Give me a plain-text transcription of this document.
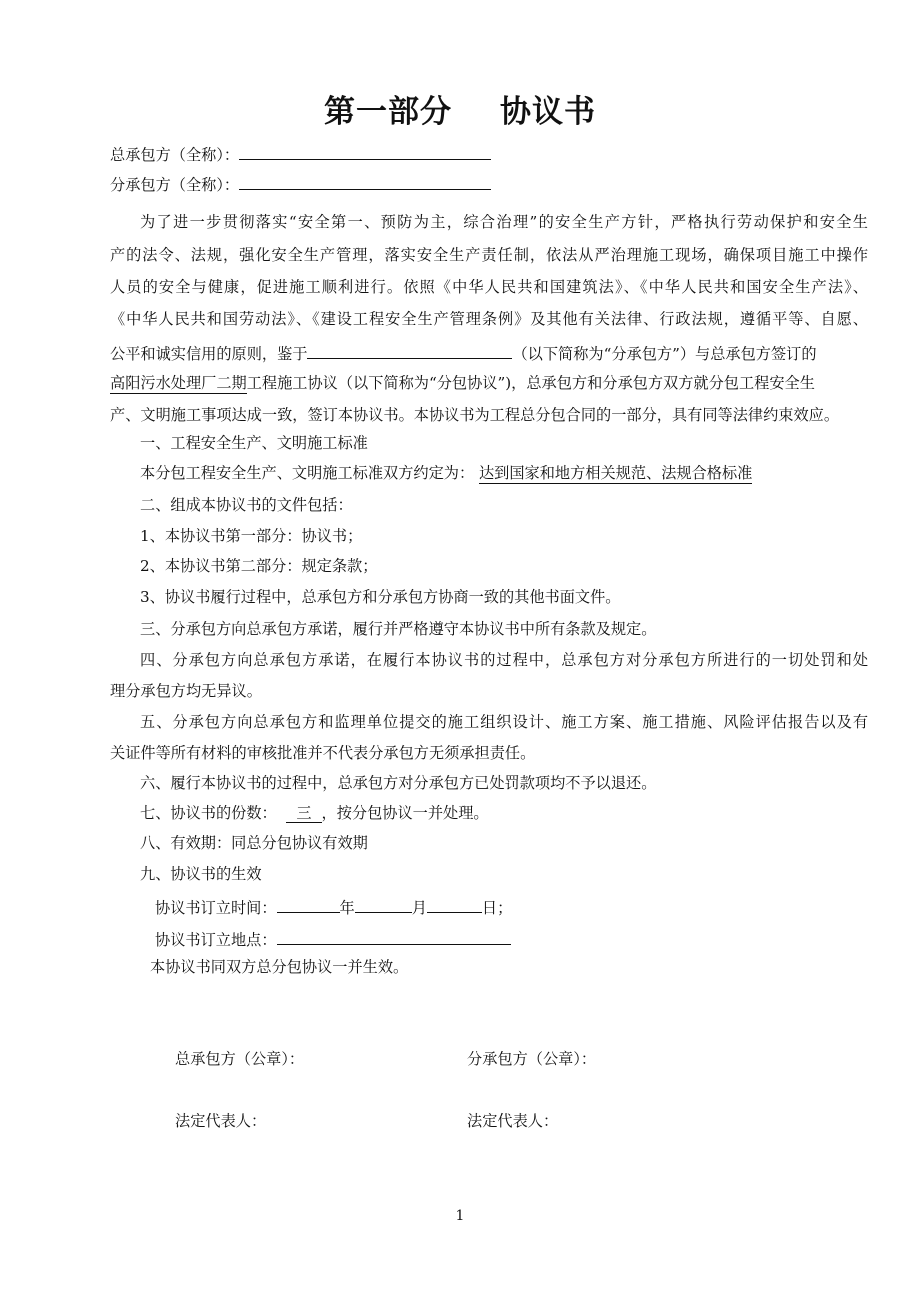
第一部分 协议书
总承包方（全称）：
分承包方（全称）：
为了进一步贯彻落实“安全第一、预防为主，综合治理”的安全生产方针，严格执行劳动保护和安全生
产的法令、法规，强化安全生产管理，落实安全生产责任制，依法从严治理施工现场，确保项目施工中操作
人员的安全与健康，促进施工顺利进行。依照《中华人民共和国建筑法》、《中华人民共和国安全生产法》、
《中华人民共和国劳动法》、《建设工程安全生产管理条例》及其他有关法律、行政法规，遵循平等、自愿、
公平和诚实信用的原则，鉴于	（以下简称为“分承包方”）与总承包方签订的
高阳污水处理厂二期工程施工协议（以下简称为“分包协议”)，总承包方和分承包方双方就分包工程安全生
产、文明施工事项达成一致，签订本协议书。本协议书为工程总分包合同的一部分，具有同等法律约束效应。
一、工程安全生产、文明施工标准
本分包工程安全生产、文明施工标准双方约定为： 达到国家和地方相关规范、法规合格标准
二、组成本协议书的文件包括：
1、本协议书第一部分：协议书；
2、本协议书第二部分：规定条款；
3、协议书履行过程中，总承包方和分承包方协商一致的其他书面文件。
三、分承包方向总承包方承诺，履行并严格遵守本协议书中所有条款及规定。
四、分承包方向总承包方承诺，在履行本协议书的过程中，总承包方对分承包方所进行的一切处罚和处
理分承包方均无异议。
五、分承包方向总承包方和监理单位提交的施工组织设计、施工方案、施工措施、风险评估报告以及有
关证件等所有材料的审核批准并不代表分承包方无须承担责任。
六、履行本协议书的过程中，总承包方对分承包方已处罚款项均不予以退还。
七、协议书的份数： 三 ，按分包协议一并处理。
八、有效期：同总分包协议有效期
九、协议书的生效
协议书订立时间：	年	月	日；
协议书订立地点：
本协议书同双方总分包协议一并生效。
总承包方（公章）：	分承包方（公章）：
法定代表人：	法定代表人：
1
